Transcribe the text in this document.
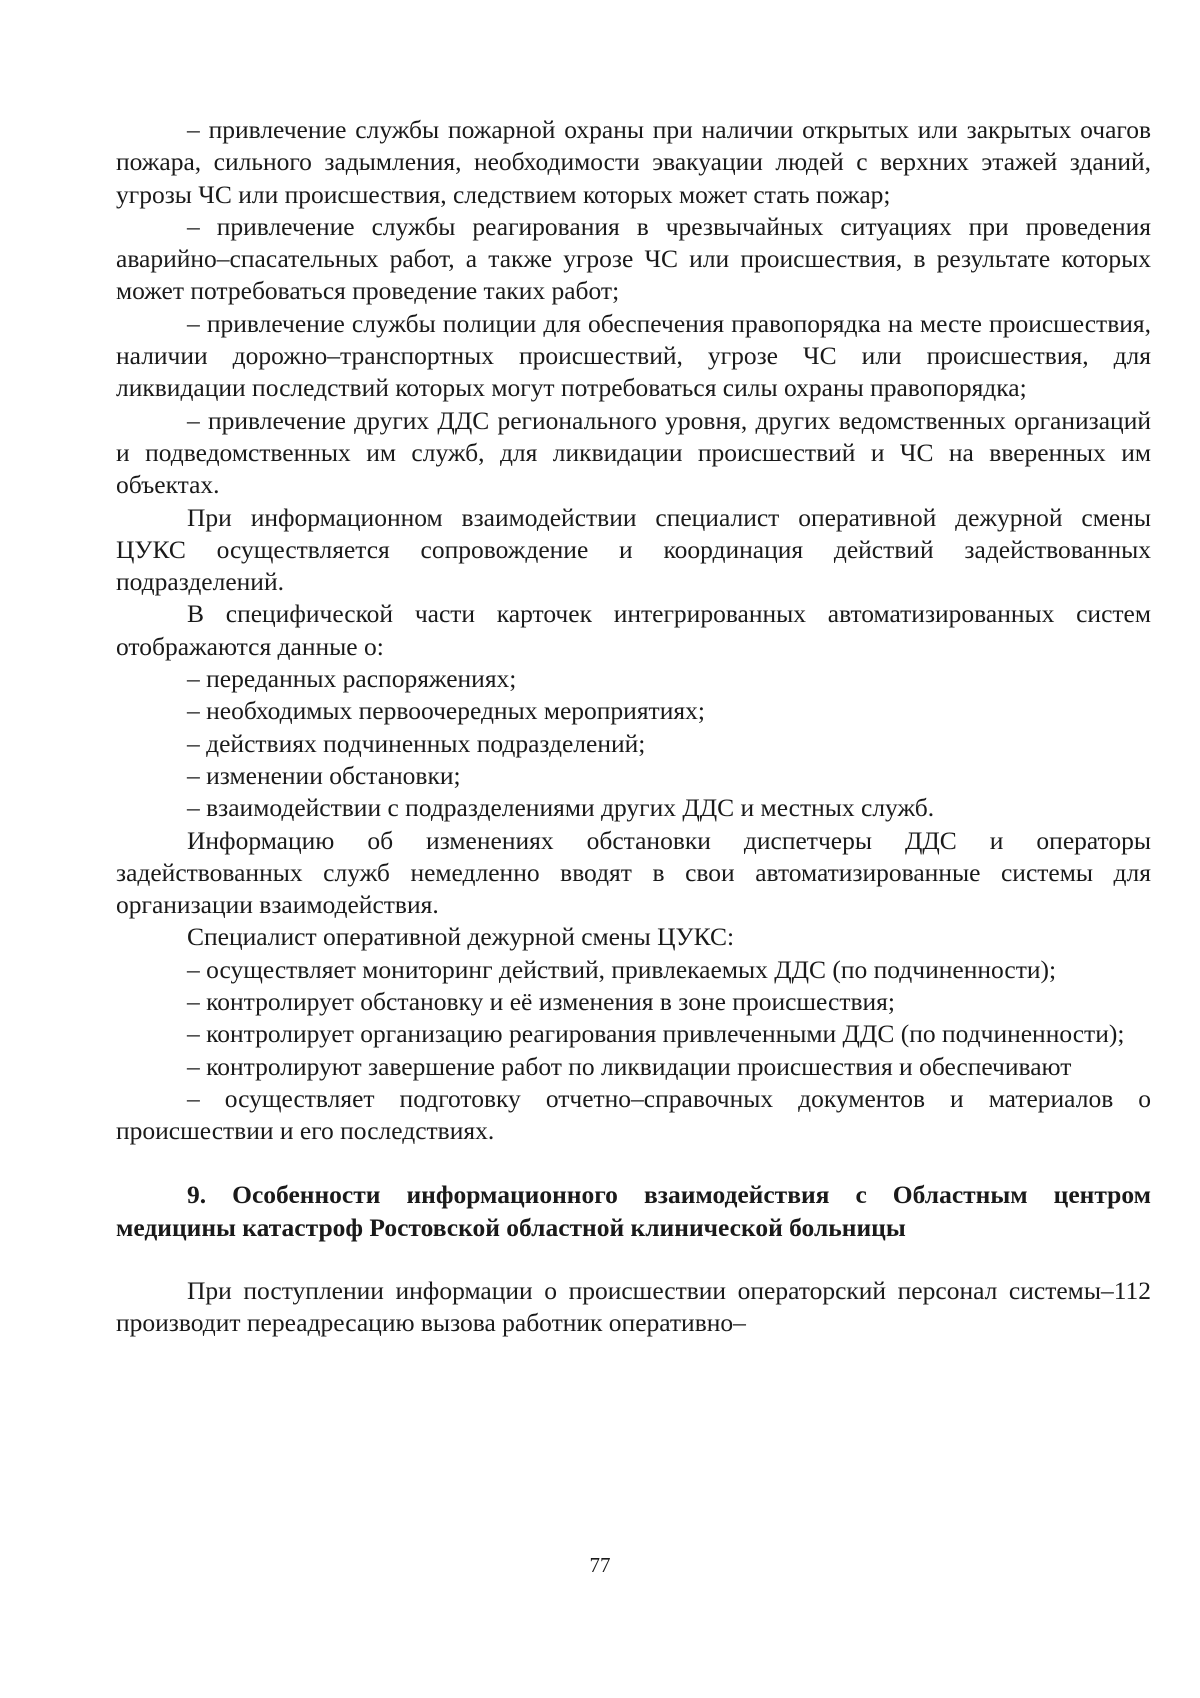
– привлечение службы пожарной охраны при наличии открытых или закрытых очагов пожара, сильного задымления, необходимости эвакуации людей с верхних этажей зданий, угрозы ЧС или происшествия, следствием которых может стать пожар;

– привлечение службы реагирования в чрезвычайных ситуациях при проведения аварийно–спасательных работ, а также угрозе ЧС или происшествия, в результате которых может потребоваться проведение таких работ;

– привлечение службы полиции для обеспечения правопорядка на месте происшествия, наличии дорожно–транспортных происшествий, угрозе ЧС или происшествия, для ликвидации последствий которых могут потребоваться силы охраны правопорядка;

– привлечение других ДДС регионального уровня, других ведомственных организаций и подведомственных им служб, для ликвидации происшествий и ЧС на вверенных им объектах.

При информационном взаимодействии специалист оперативной дежурной смены ЦУКС осуществляется сопровождение и координация действий задействованных подразделений.

В специфической части карточек интегрированных автоматизированных систем отображаются данные о:

– переданных распоряжениях;

– необходимых первоочередных мероприятиях;

– действиях подчиненных подразделений;

– изменении обстановки;

– взаимодействии с подразделениями других ДДС и местных служб.

Информацию об изменениях обстановки диспетчеры ДДС и операторы задействованных служб немедленно вводят в свои автоматизированные системы для организации взаимодействия.

Специалист оперативной дежурной смены ЦУКС:

– осуществляет мониторинг действий, привлекаемых ДДС (по подчиненности);

– контролирует обстановку и её изменения в зоне происшествия;

– контролирует организацию реагирования привлеченными ДДС (по подчиненности);

– контролируют завершение работ по ликвидации происшествия и обеспечивают

– осуществляет подготовку отчетно–справочных документов и материалов о происшествии и его последствиях.

9. Особенности информационного взаимодействия с Областным центром медицины катастроф Ростовской областной клинической больницы

При поступлении информации о происшествии операторский персонал системы–112 производит переадресацию вызова работник оперативно–

77
